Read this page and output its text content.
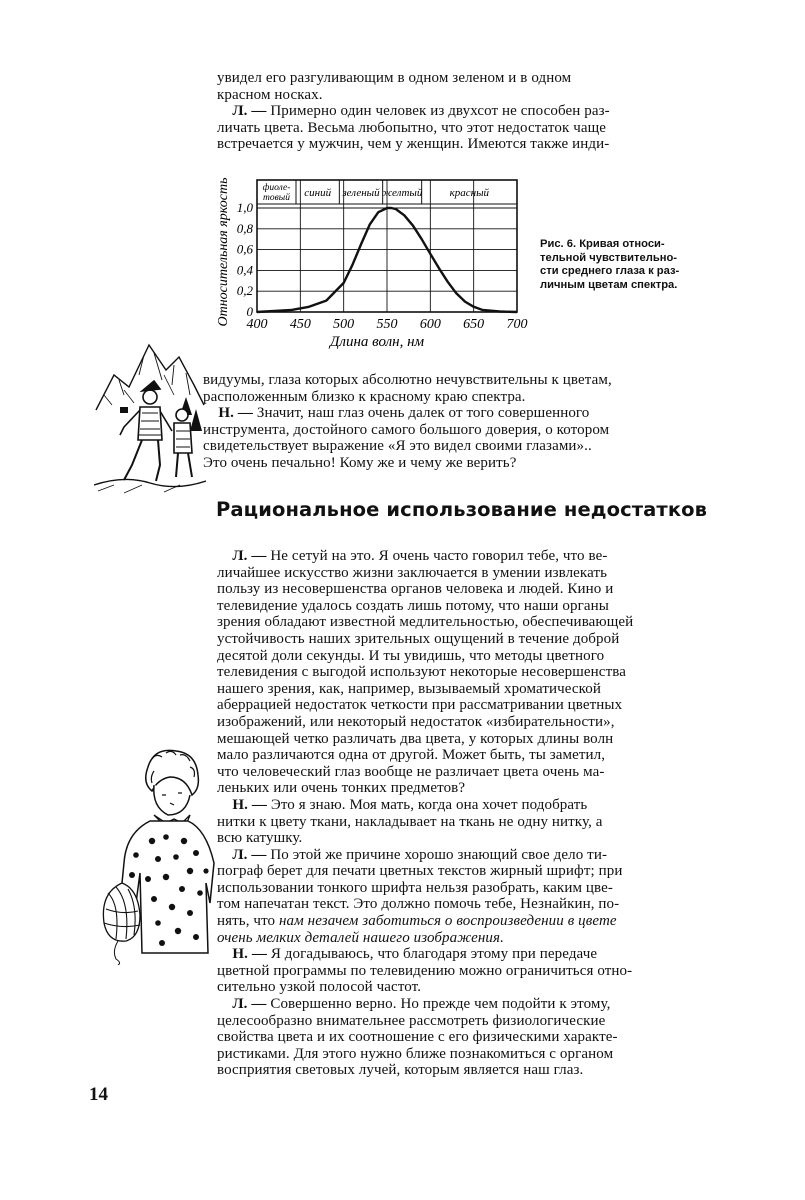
увидел его разгуливающим в одном зеленом и в одном
красном носках.
Л. — Примерно один человек из двухсот не способен раз-
личать цвета. Весьма любопытно, что этот недостаток чаще
встречается у мужчин, чем у женщин. Имеются также инди-

400 450 500 550 600 650 700
0
0,2
0,4
0,6
0,8
1,0
фиоле-
товый синий зеленый желтый красный
Длина волн, нм
Относительная яркость	Рис. 6. Кривая относи-
тельной чувствительно-
сти среднего глаза к раз-
личным цветам спектра.

видуумы, глаза которых абсолютно нечувствительны к цветам,
расположенным близко к красному краю спектра.
Н. — Значит, наш глаз очень далек от того совершенного
инструмента, достойного самого большого доверия, о котором
свидетельствует выражение «Я это видел своими глазами»..
Это очень печально! Кому же и чему же верить?

Рациональное использование недостатков

Л. — Не сетуй на это. Я очень часто говорил тебе, что ве-
личайшее искусство жизни заключается в умении извлекать
пользу из несовершенства органов человека и людей. Кино и
телевидение удалось создать лишь потому, что наши органы
зрения обладают известной медлительностью, обеспечивающей
устойчивость наших зрительных ощущений в течение доброй
десятой доли секунды. И ты увидишь, что методы цветного
телевидения с выгодой используют некоторые несовершенства
нашего зрения, как, например, вызываемый хроматической
аберрацией недостаток четкости при рассматривании цветных
изображений, или некоторый недостаток «избирательности»,
мешающей четко различать два цвета, у которых длины волн
мало различаются одна от другой. Может быть, ты заметил,
что человеческий глаз вообще не различает цвета очень ма-
леньких или очень тонких предметов?
Н. — Это я знаю. Моя мать, когда она хочет подобрать
нитки к цвету ткани, накладывает на ткань не одну нитку, а
всю катушку.
Л. — По этой же причине хорошо знающий свое дело ти-
пограф берет для печати цветных текстов жирный шрифт; при
использовании тонкого шрифта нельзя разобрать, каким цве-
том напечатан текст. Это должно помочь тебе, Незнайкин, по-
нять, что нам незачем заботиться о воспроизведении в цвете
очень мелких деталей нашего изображения.
Н. — Я догадываюсь, что благодаря этому при передаче
цветной программы по телевидению можно ограничиться отно-
сительно узкой полосой частот.
Л. — Совершенно верно. Но прежде чем подойти к этому,
целесообразно внимательнее рассмотреть физиологические
свойства цвета и их соотношение с его физическими характе-
ристиками. Для этого нужно ближе познакомиться с органом
восприятия световых лучей, которым является наш глаз.

14
